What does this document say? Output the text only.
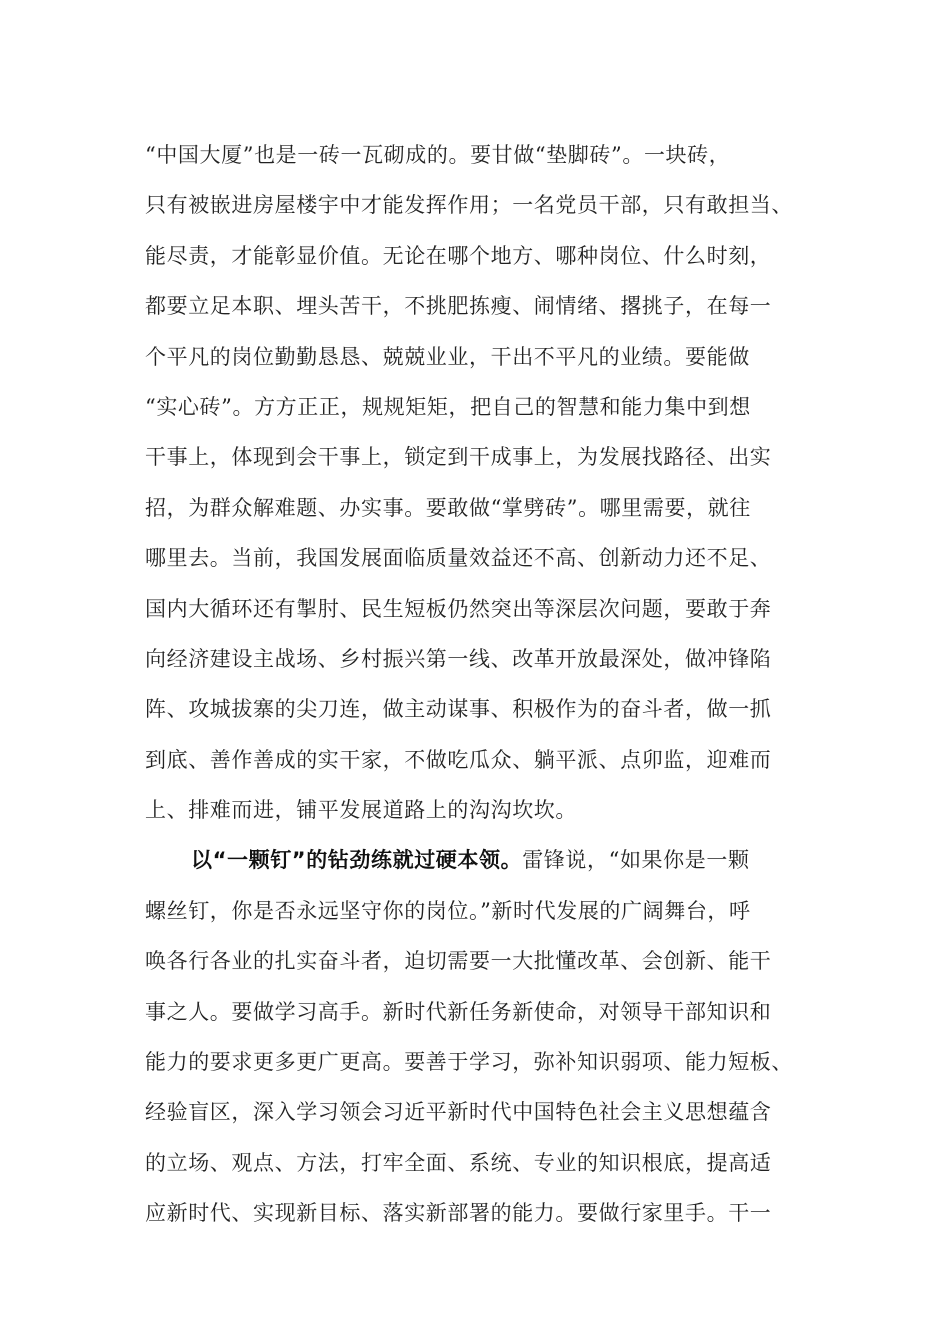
“中国大厦”也是一砖一瓦砌成的。要甘做“垫脚砖”。一块砖，
只有被嵌进房屋楼宇中才能发挥作用；一名党员干部，只有敢担当、
能尽责，才能彰显价值。无论在哪个地方、哪种岗位、什么时刻，
都要立足本职、埋头苦干，不挑肥拣瘦、闹情绪、撂挑子，在每一
个平凡的岗位勤勤恳恳、兢兢业业，干出不平凡的业绩。要能做
“实心砖”。方方正正，规规矩矩，把自己的智慧和能力集中到想
干事上，体现到会干事上，锁定到干成事上，为发展找路径、出实
招，为群众解难题、办实事。要敢做“掌劈砖”。哪里需要，就往
哪里去。当前，我国发展面临质量效益还不高、创新动力还不足、
国内大循环还有掣肘、民生短板仍然突出等深层次问题，要敢于奔
向经济建设主战场、乡村振兴第一线、改革开放最深处，做冲锋陷
阵、攻城拔寨的尖刀连，做主动谋事、积极作为的奋斗者，做一抓
到底、善作善成的实干家，不做吃瓜众、躺平派、点卯监，迎难而
上、排难而进，铺平发展道路上的沟沟坎坎。
以“一颗钉”的钻劲练就过硬本领。雷锋说，“如果你是一颗
螺丝钉，你是否永远坚守你的岗位。”新时代发展的广阔舞台，呼
唤各行各业的扎实奋斗者，迫切需要一大批懂改革、会创新、能干
事之人。要做学习高手。新时代新任务新使命，对领导干部知识和
能力的要求更多更广更高。要善于学习，弥补知识弱项、能力短板、
经验盲区，深入学习领会习近平新时代中国特色社会主义思想蕴含
的立场、观点、方法，打牢全面、系统、专业的知识根底，提高适
应新时代、实现新目标、落实新部署的能力。要做行家里手。干一
